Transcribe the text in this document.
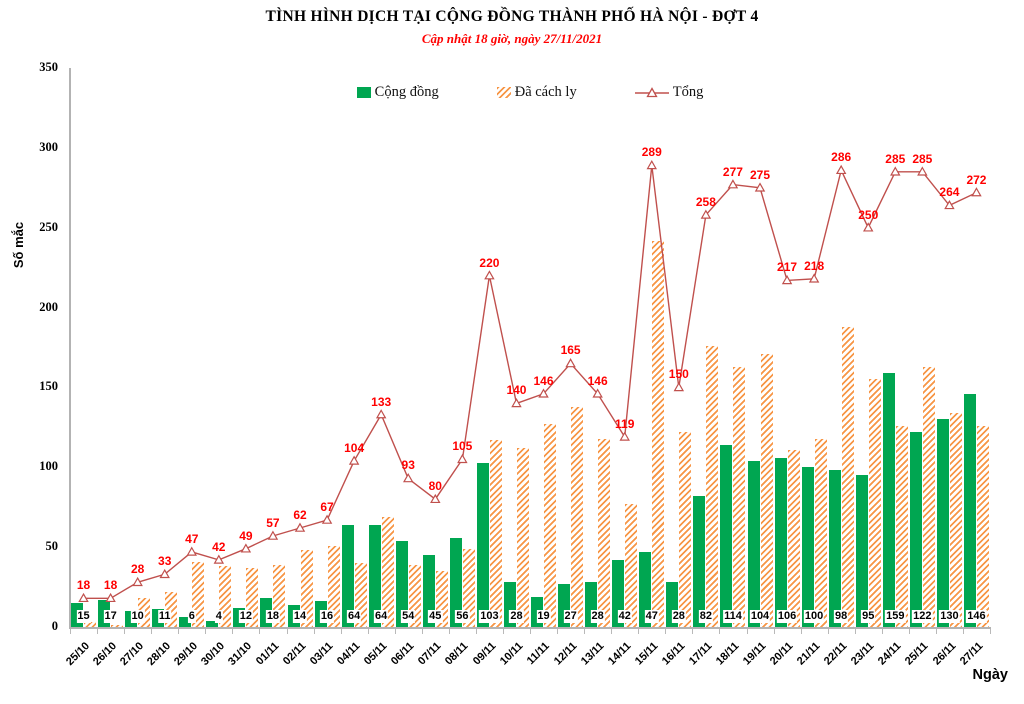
TÌNH HÌNH DỊCH TẠI CỘNG ĐỒNG THÀNH PHỐ HÀ NỘI - ĐỢT 4
Cập nhật 18 giờ, ngày 27/11/2021
Cộng đồng	Đã cách ly	Tổng
Số mắc
0
50
100
150
200
250
300
350
15 17 10 11 6 4 12 18 14 16 64 64 54 45 56 103 28 19 27 28 42 47 28 82 114 104 106 100 98 95 159 122 130 146
18 18
28
33
47
42
49
57
62
67
104
133
93
80
105
220
140
146
165
146
119
289
150
258
277 275
217 218
286
250
285 285
264
272
25/10 26/10 27/10 28/10 29/10 30/10 31/10 01/11 02/11 03/11 04/11 05/11 06/11 07/11 08/11 09/11 10/11 11/11 12/11 13/11 14/11 15/11 16/11 17/11 18/11 19/11 20/11 21/11 22/11 23/11 24/11 25/11 26/11 27/11
Ngày
